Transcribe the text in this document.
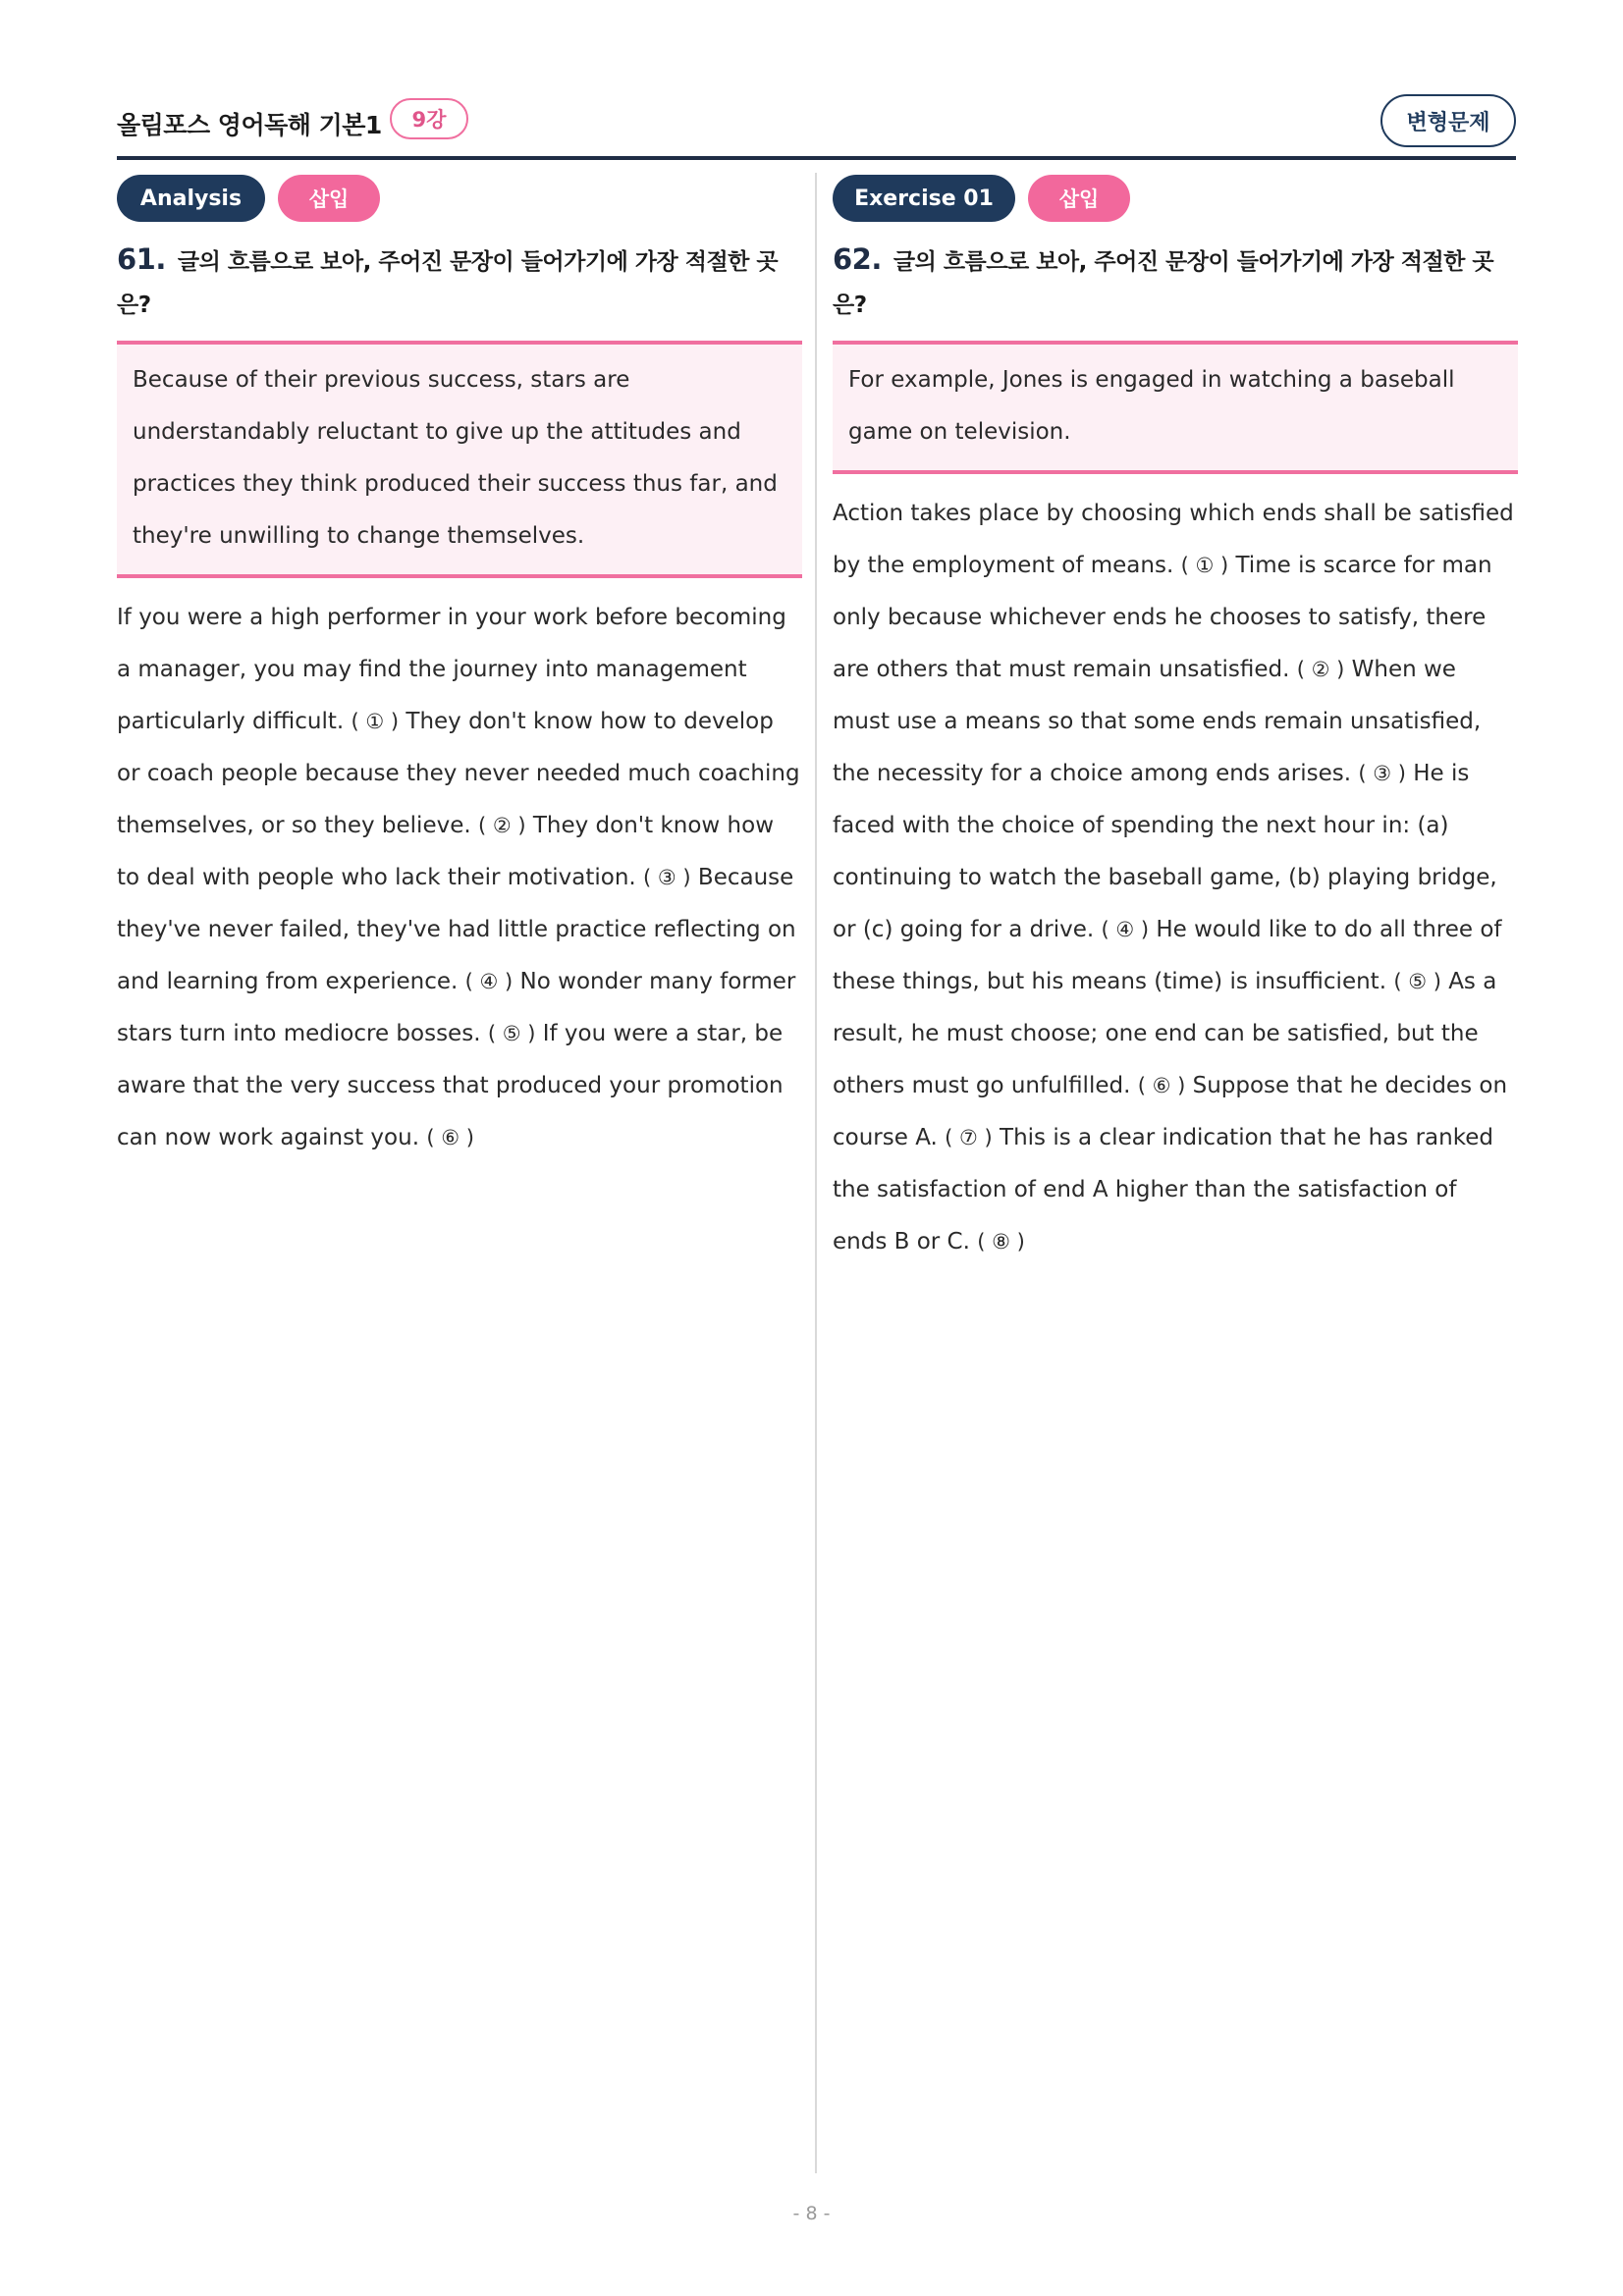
올림포스 영어독해 기본1	9강	변형문제
Analysis	삽입
61. 글의 흐름으로 보아, 주어진 문장이 들어가기에 가장 적절한 곳은?
Because of their previous success, stars are understandably reluctant to give up the attitudes and practices they think produced their success thus far, and they're unwilling to change themselves.
If you were a high performer in your work before becoming a manager, you may find the journey into management particularly difficult. ( ① ) They don't know how to develop or coach people because they never needed much coaching themselves, or so they believe. ( ② ) They don't know how to deal with people who lack their motivation. ( ③ ) Because they've never failed, they've had little practice reflecting on and learning from experience. ( ④ ) No wonder many former stars turn into mediocre bosses. ( ⑤ ) If you were a star, be aware that the very success that produced your promotion can now work against you. ( ⑥ )
Exercise 01	삽입
62. 글의 흐름으로 보아, 주어진 문장이 들어가기에 가장 적절한 곳은?
For example, Jones is engaged in watching a baseball game on television.
Action takes place by choosing which ends shall be satisfied by the employment of means. ( ① ) Time is scarce for man only because whichever ends he chooses to satisfy, there are others that must remain unsatisfied. ( ② ) When we must use a means so that some ends remain unsatisfied, the necessity for a choice among ends arises. ( ③ ) He is faced with the choice of spending the next hour in: (a) continuing to watch the baseball game, (b) playing bridge, or (c) going for a drive. ( ④ ) He would like to do all three of these things, but his means (time) is insufficient. ( ⑤ ) As a result, he must choose; one end can be satisfied, but the others must go unfulfilled. ( ⑥ ) Suppose that he decides on course A. ( ⑦ ) This is a clear indication that he has ranked the satisfaction of end A higher than the satisfaction of ends B or C. ( ⑧ )
- 8 -
